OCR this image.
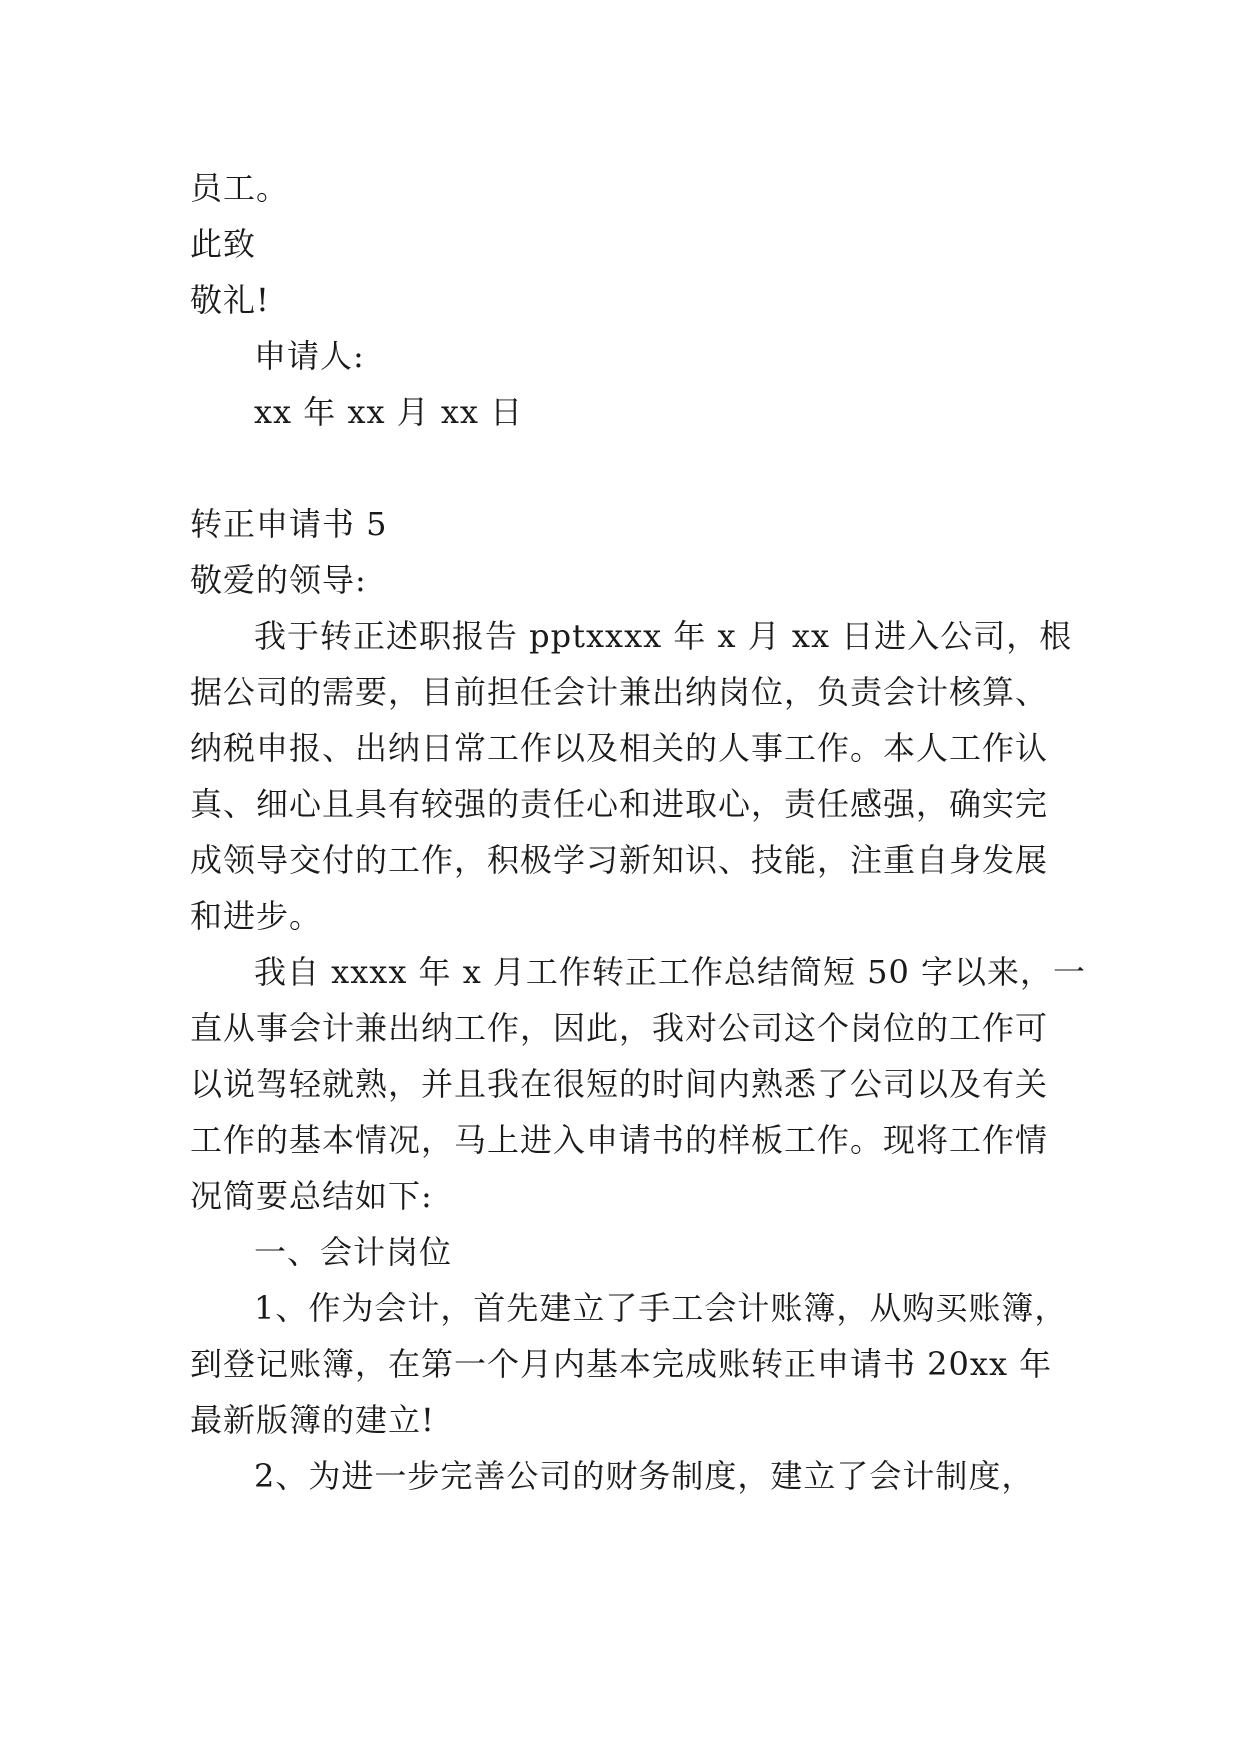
员工。
此致
敬礼!
申请人:
xx 年 xx 月 xx 日
转正申请书 5
敬爱的领导:
我于转正述职报告 pptxxxx 年 x 月 xx 日进入公司，根
据公司的需要，目前担任会计兼出纳岗位，负责会计核算、
纳税申报、出纳日常工作以及相关的人事工作。本人工作认
真、细心且具有较强的责任心和进取心，责任感强，确实完
成领导交付的工作，积极学习新知识、技能，注重自身发展
和进步。
我自 xxxx 年 x 月工作转正工作总结简短 50 字以来，一
直从事会计兼出纳工作，因此，我对公司这个岗位的工作可
以说驾轻就熟，并且我在很短的时间内熟悉了公司以及有关
工作的基本情况，马上进入申请书的样板工作。现将工作情
况简要总结如下:
一、会计岗位
1、作为会计，首先建立了手工会计账簿，从购买账簿，
到登记账簿，在第一个月内基本完成账转正申请书 20xx 年
最新版簿的建立!
2、为进一步完善公司的财务制度，建立了会计制度，
